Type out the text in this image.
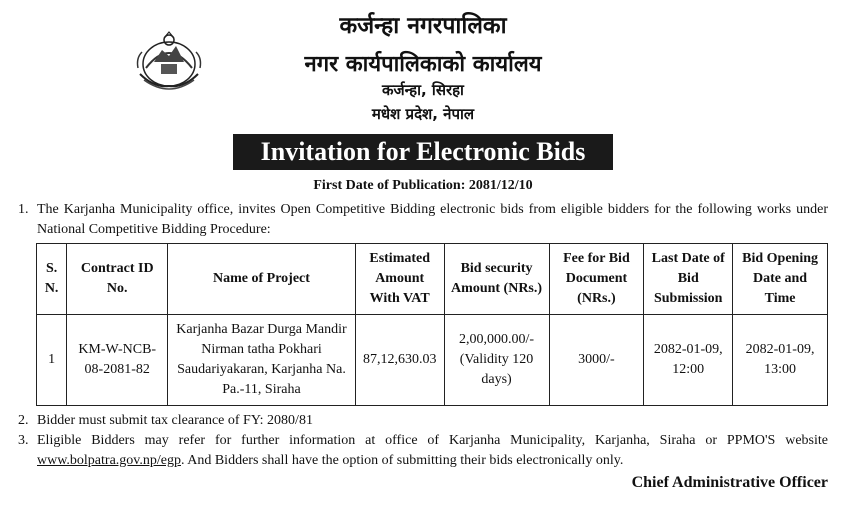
कर्जन्हा नगरपालिका
नगर कार्यपालिकाको कार्यालय
कर्जन्हा, सिरहा
मधेश प्रदेश, नेपाल
Invitation for Electronic Bids
First Date of Publication: 2081/12/10
1. The Karjanha Municipality office, invites Open Competitive Bidding electronic bids from eligible bidders for the following works under National Competitive Bidding Procedure:
S. N.	Contract ID No.	Name of Project	Estimated Amount With VAT	Bid security Amount (NRs.)	Fee for Bid Document (NRs.)	Last Date of Bid Submission	Bid Opening Date and Time
1	KM-W-NCB-08-2081-82	Karjanha Bazar Durga Mandir Nirman tatha Pokhari Saudariyakaran, Karjanha Na. Pa.-11, Siraha	87,12,630.03	2,00,000.00/- (Validity 120 days)	3000/-	2082-01-09, 12:00	2082-01-09, 13:00
2. Bidder must submit tax clearance of FY: 2080/81
3. Eligible Bidders may refer for further information at office of Karjanha Municipality, Karjanha, Siraha or PPMO'S website www.bolpatra.gov.np/egp. And Bidders shall have the option of submitting their bids electronically only.
Chief Administrative Officer
